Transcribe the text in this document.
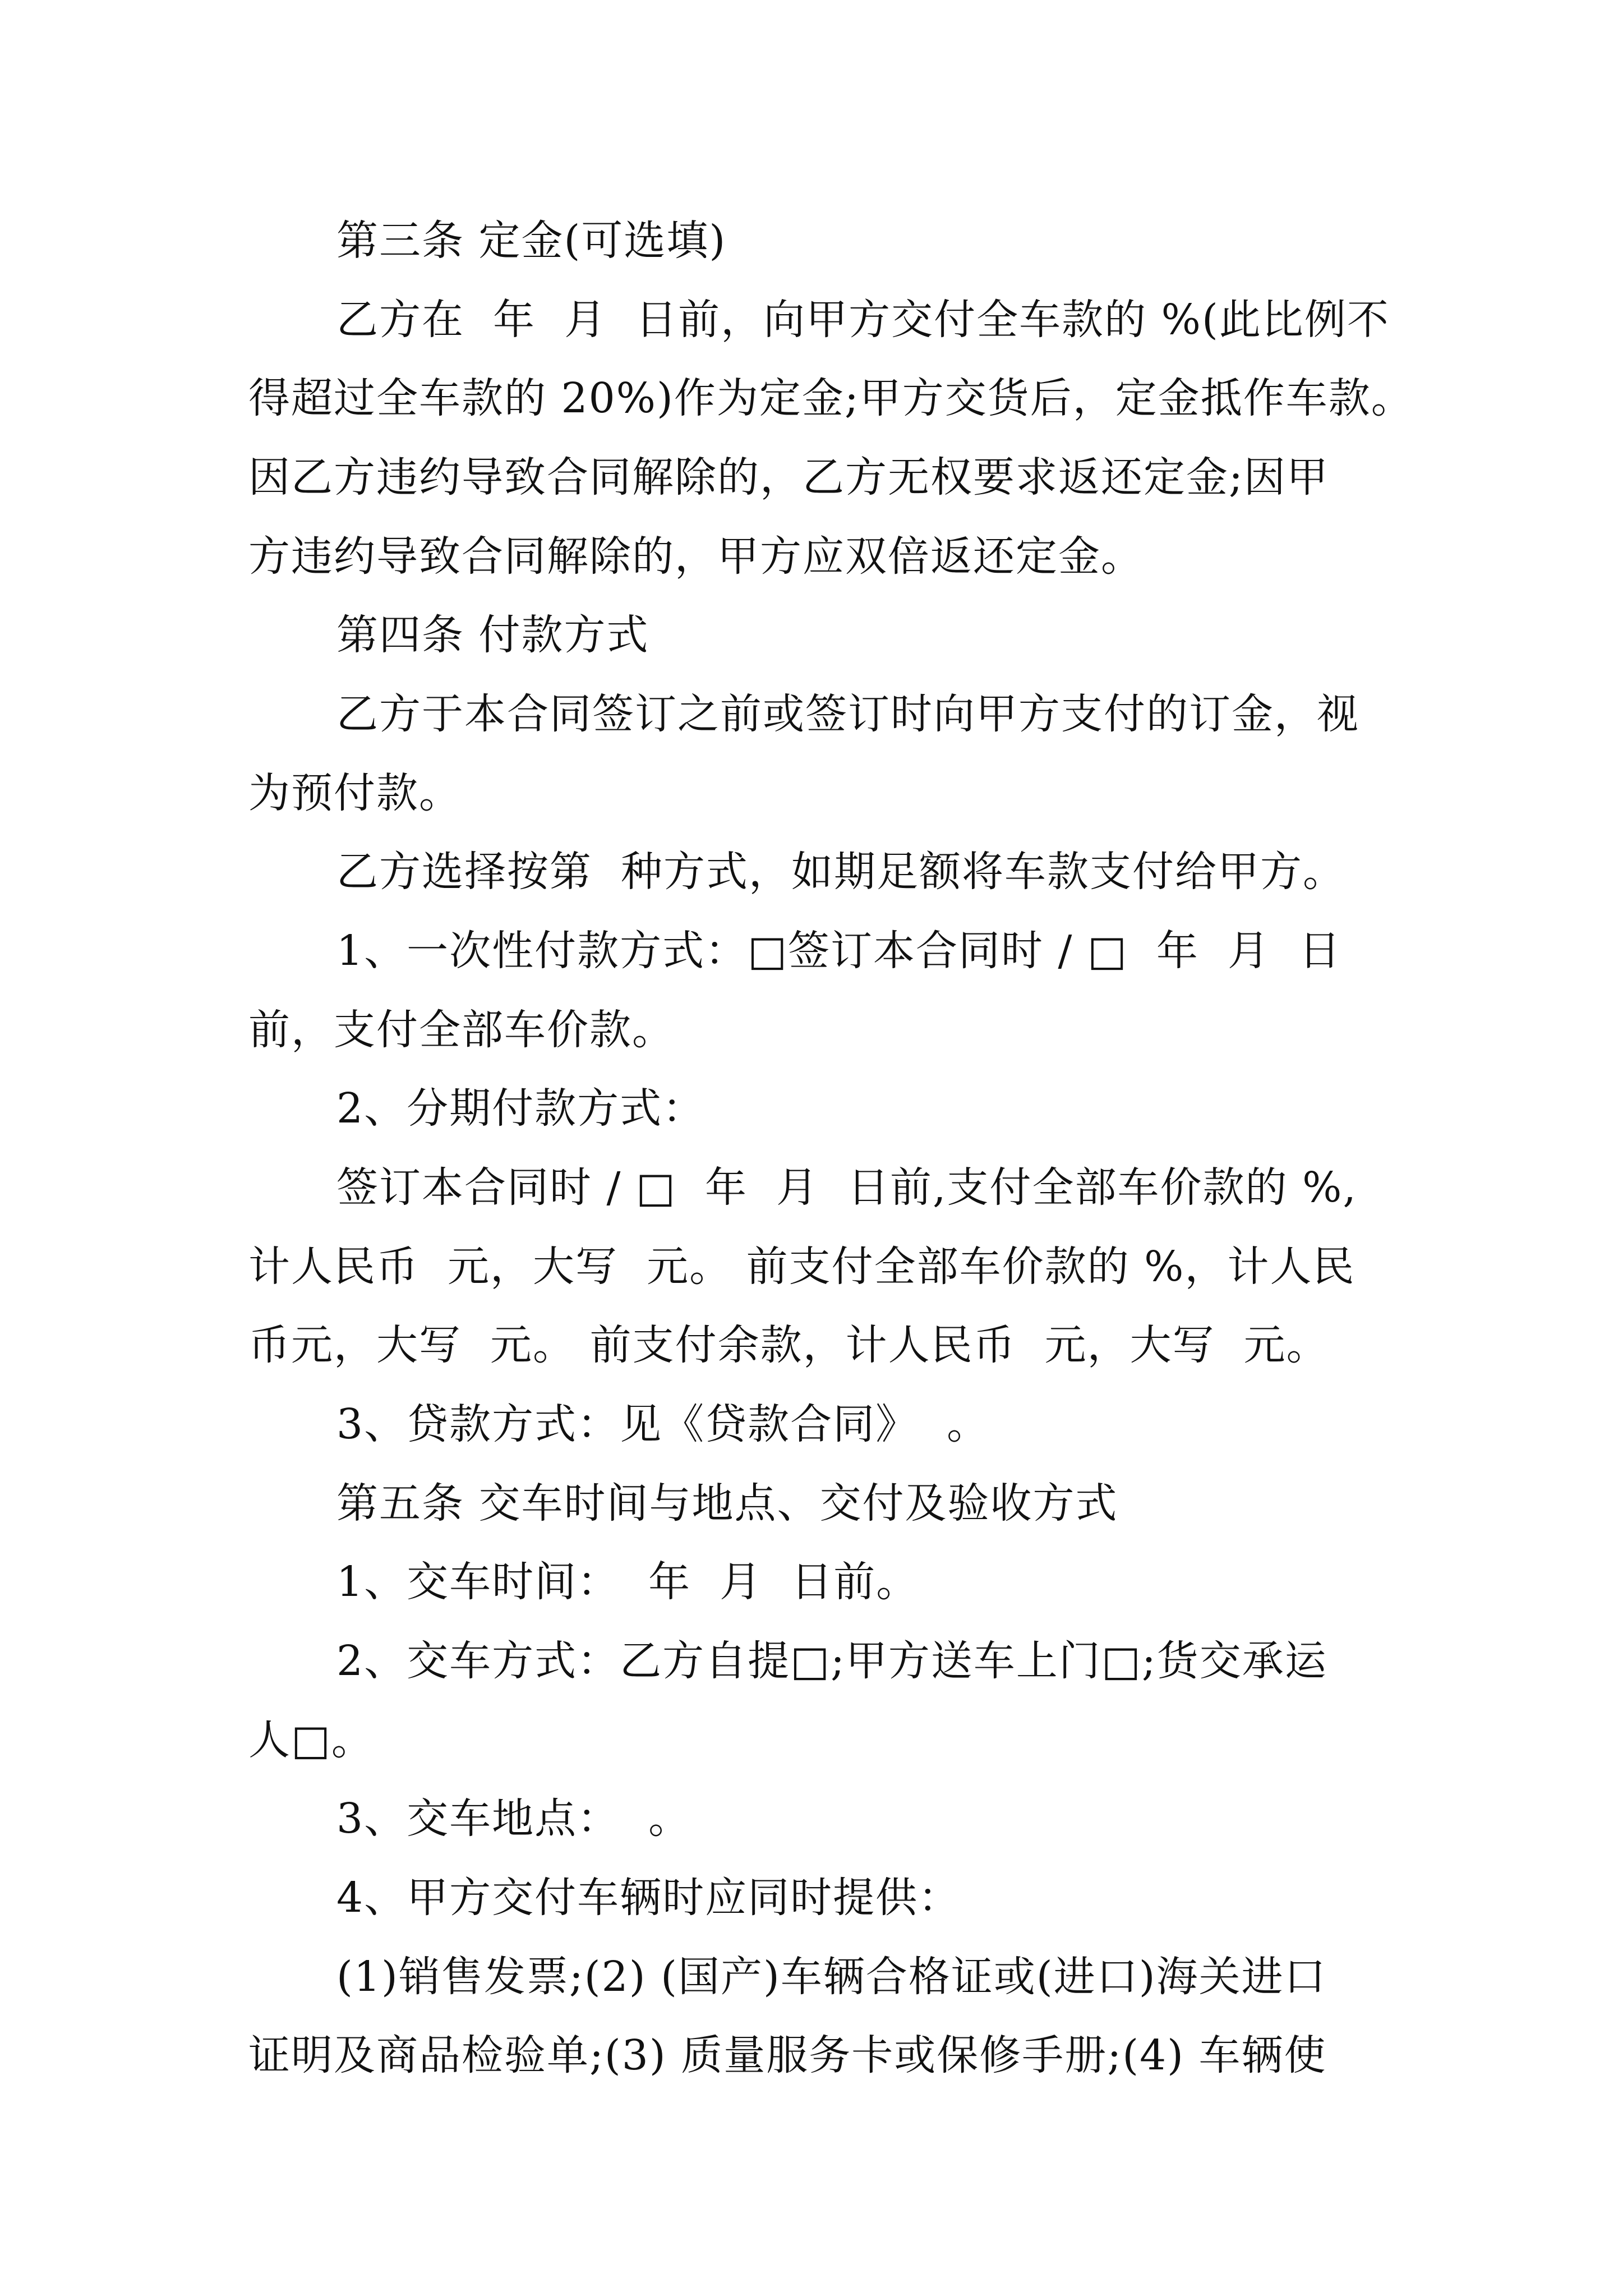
第三条 定金(可选填)
乙方在  年  月  日前，向甲方交付全车款的 %(此比例不
得超过全车款的 20%)作为定金;甲方交货后，定金抵作车款。
因乙方违约导致合同解除的，乙方无权要求返还定金;因甲
方违约导致合同解除的，甲方应双倍返还定金。
第四条 付款方式
乙方于本合同签订之前或签订时向甲方支付的订金，视
为预付款。
乙方选择按第  种方式，如期足额将车款支付给甲方。
1、一次性付款方式：□签订本合同时 / □  年  月  日
前，支付全部车价款。
2、分期付款方式：
签订本合同时 / □  年  月  日前,支付全部车价款的 %,
计人民币  元，大写  元。 前支付全部车价款的 %，计人民
币元，大写  元。 前支付余款，计人民币  元，大写  元。
3、贷款方式：见《贷款合同》  。
第五条 交车时间与地点、交付及验收方式
1、交车时间：  年  月  日前。
2、交车方式：乙方自提□;甲方送车上门□;货交承运
人□。
3、交车地点：  。
4、甲方交付车辆时应同时提供：
(1)销售发票;(2) (国产)车辆合格证或(进口)海关进口
证明及商品检验单;(3) 质量服务卡或保修手册;(4) 车辆使
